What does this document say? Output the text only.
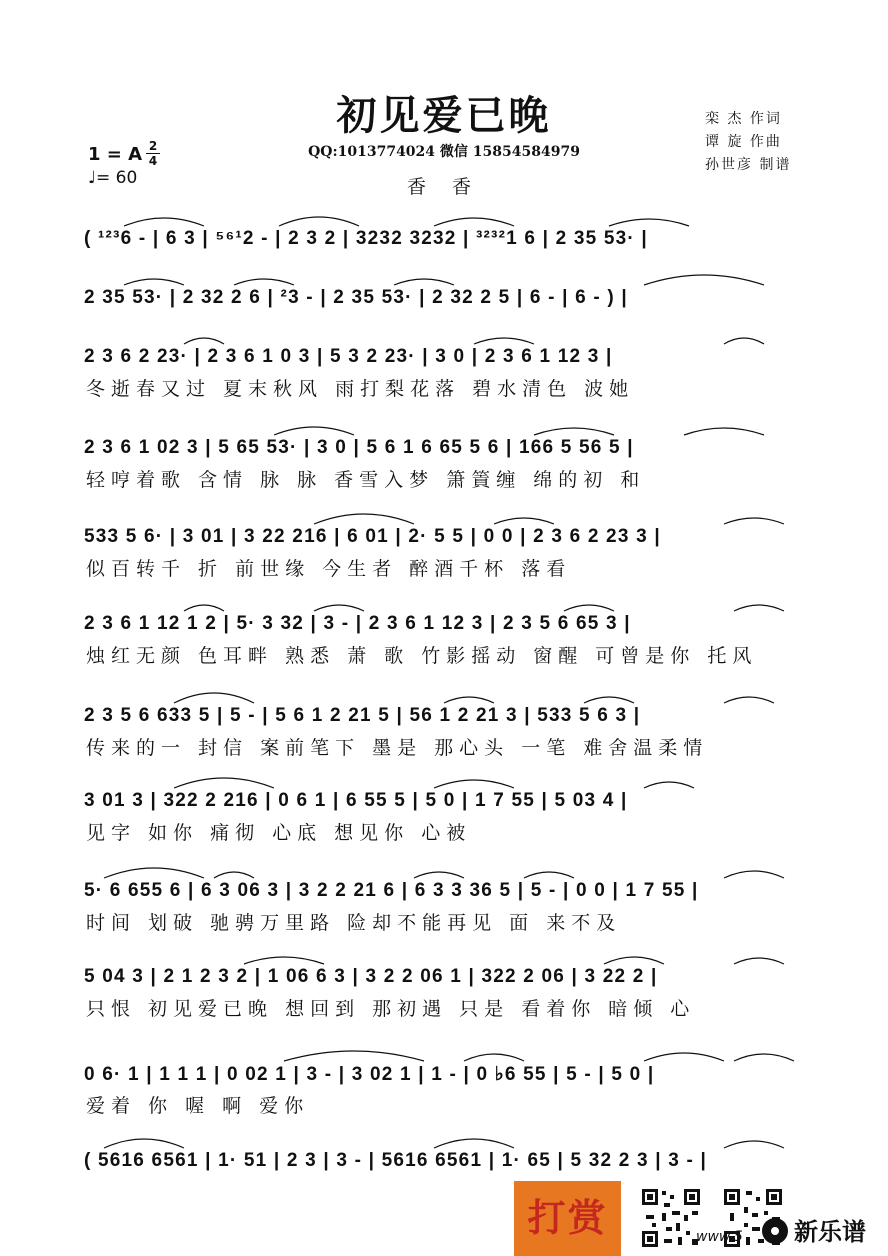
初见爱已晚
QQ:1013774024 微信 15854584979
香 香
栾 杰 作词
谭 旋 作曲
孙世彦 制谱
1 = A 2
4
♩= 60
( ¹²³6 - | 6 3 | ⁵⁶¹2 - | 2 3 2 | 3232 3232 | ³²³²1 6 | 2 35 53· |
2 35 53· | 2 32 2 6 | ²3 - | 2 35 53· | 2 32 2 5 | 6 - | 6 - ) |
2 3 6 2 23· | 2 3 6 1 0 3 | 5 3 2 23· | 3 0 | 2 3 6 1 12 3 |
冬逝春又过 夏末秋风 雨打梨花落 碧水清色 波她
2 3 6 1 02 3 | 5 65 53· | 3 0 | 5 6 1 6 65 5 6 | 166 5 56 5 |
轻哼着歌 含情 脉 脉 香雪入梦 箫篢缠 绵的初 和
533 5 6· | 3 01 | 3 22 216 | 6 01 | 2· 5 5 | 0 0 | 2 3 6 2 23 3 |
似百转千 折 前世缘 今生者 醉酒千杯 落看
2 3 6 1 12 1 2 | 5· 3 32 | 3 - | 2 3 6 1 12 3 | 2 3 5 6 65 3 |
烛红无颜 色耳畔 熟悉 萧 歌 竹影摇动 窗醒 可曾是你 托风
2 3 5 6 633 5 | 5 - | 5 6 1 2 21 5 | 56 1 2 21 3 | 533 5 6 3 |
传来的一 封信 案前笔下 墨是 那心头 一笔 难舍温柔情
3 01 3 | 322 2 216 | 0 6 1 | 6 55 5 | 5 0 | 1 7 55 | 5 03 4 |
见字 如你 痛彻 心底 想见你 心被
5· 6 655 6 | 6 3 06 3 | 3 2 2 21 6 | 6 3 3 36 5 | 5 - | 0 0 | 1 7 55 |
时间 划破 驰骋万里路 险却不能再见 面 来不及
5 04 3 | 2 1 2 3 2 | 1 06 6 3 | 3 2 2 06 1 | 322 2 06 | 3 22 2 |
只恨 初见爱已晚 想回到 那初遇 只是 看着你 暗倾 心
0 6· 1 | 1 1 1 | 0 02 1 | 3 - | 3 02 1 | 1 - | 0 ♭6 55 | 5 - | 5 0 |
爱着 你 喔 啊 爱你
( 5616 6561 | 1· 51 | 2 3 | 3 - | 5616 6561 | 1· 65 | 5 32 2 3 | 3 - |
打赏	www.5 新乐谱
